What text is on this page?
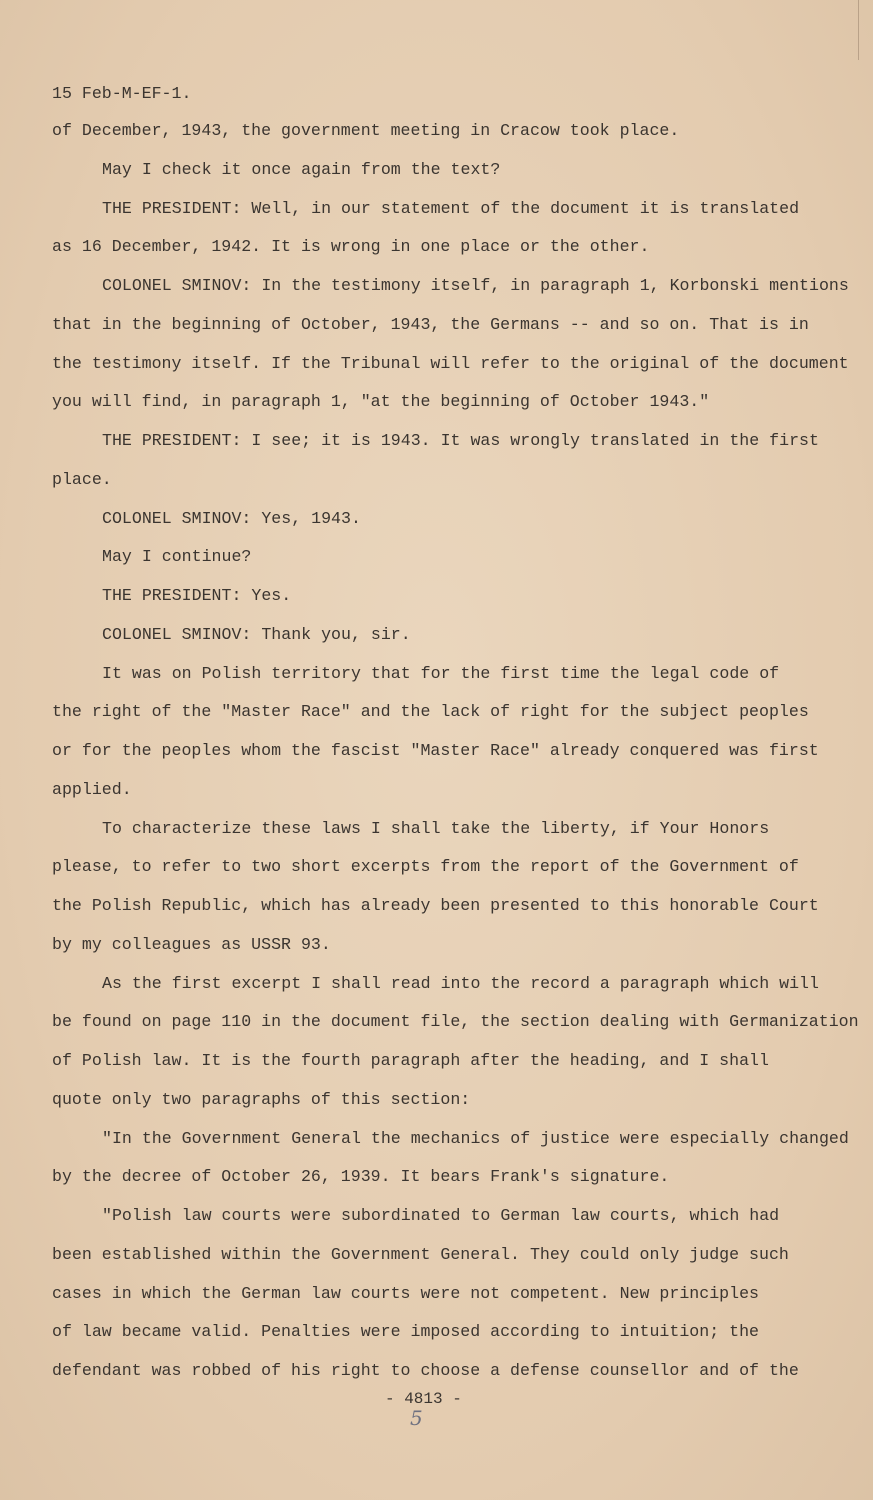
15 Feb-M-EF-1.
of December, 1943, the government meeting in Cracow took place.
May I check it once again from the text?
THE PRESIDENT: Well, in our statement of the document it is translated
as 16 December, 1942. It is wrong in one place or the other.
COLONEL SMINOV: In the testimony itself, in paragraph 1, Korbonski mentions
that in the beginning of October, 1943, the Germans -- and so on. That is in
the testimony itself. If the Tribunal will refer to the original of the document
you will find, in paragraph 1, "at the beginning of October 1943."
THE PRESIDENT: I see; it is 1943. It was wrongly translated in the first
place.
COLONEL SMINOV: Yes, 1943.
May I continue?
THE PRESIDENT: Yes.
COLONEL SMINOV: Thank you, sir.
It was on Polish territory that for the first time the legal code of
the right of the "Master Race" and the lack of right for the subject peoples
or for the peoples whom the fascist "Master Race" already conquered was first
applied.
To characterize these laws I shall take the liberty, if Your Honors
please, to refer to two short excerpts from the report of the Government of
the Polish Republic, which has already been presented to this honorable Court
by my colleagues as USSR 93.
As the first excerpt I shall read into the record a paragraph which will
be found on page 110 in the document file, the section dealing with Germanization
of Polish law. It is the fourth paragraph after the heading, and I shall
quote only two paragraphs of this section:
"In the Government General the mechanics of justice were especially changed
by the decree of October 26, 1939. It bears Frank's signature.
"Polish law courts were subordinated to German law courts, which had
been established within the Government General. They could only judge such
cases in which the German law courts were not competent. New principles
of law became valid. Penalties were imposed according to intuition; the
defendant was robbed of his right to choose a defense counsellor and of the
- 4813 -
5
